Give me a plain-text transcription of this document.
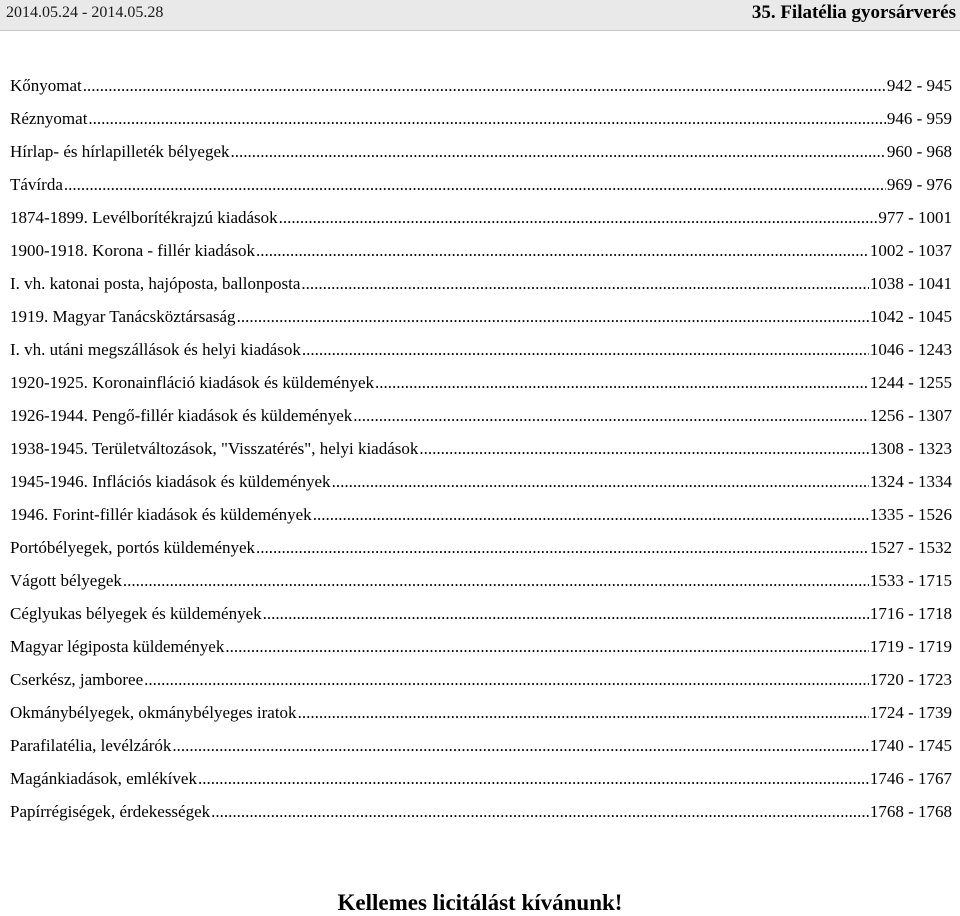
2014.05.24 - 2014.05.28	35. Filatélia gyorsárverés
Kőnyomat .....	942 - 945
Réznyomat .....	946 - 959
Hírlap- és hírlapilleték bélyegek .....	960 - 968
Távírda .....	969 - 976
1874-1899. Levélborítékrajzú kiadások .....	977 - 1001
1900-1918. Korona - fillér kiadások .....	1002 - 1037
I. vh. katonai posta, hajóposta, ballonposta .....	1038 - 1041
1919. Magyar Tanácsköztársaság .....	1042 - 1045
I. vh. utáni megszállások és helyi kiadások .....	1046 - 1243
1920-1925. Koronainfláció kiadások és küldemények .....	1244 - 1255
1926-1944. Pengő-fillér kiadások és küldemények .....	1256 - 1307
1938-1945. Területváltozások, "Visszatérés", helyi kiadások .....	1308 - 1323
1945-1946. Inflációs kiadások és küldemények .....	1324 - 1334
1946. Forint-fillér kiadások és küldemények .....	1335 - 1526
Portóbélyegek, portós küldemények .....	1527 - 1532
Vágott bélyegek .....	1533 - 1715
Céglyukas bélyegek és küldemények .....	1716 - 1718
Magyar légiposta küldemények .....	1719 - 1719
Cserkész, jamboree .....	1720 - 1723
Okmánybélyegek, okmánybélyeges iratok .....	1724 - 1739
Parafilatélia, levélzárók .....	1740 - 1745
Magánkiadások, emlékívek .....	1746 - 1767
Papírrégiségek, érdekességek .....	1768 - 1768
Kellemes licitálást kívánunk!
